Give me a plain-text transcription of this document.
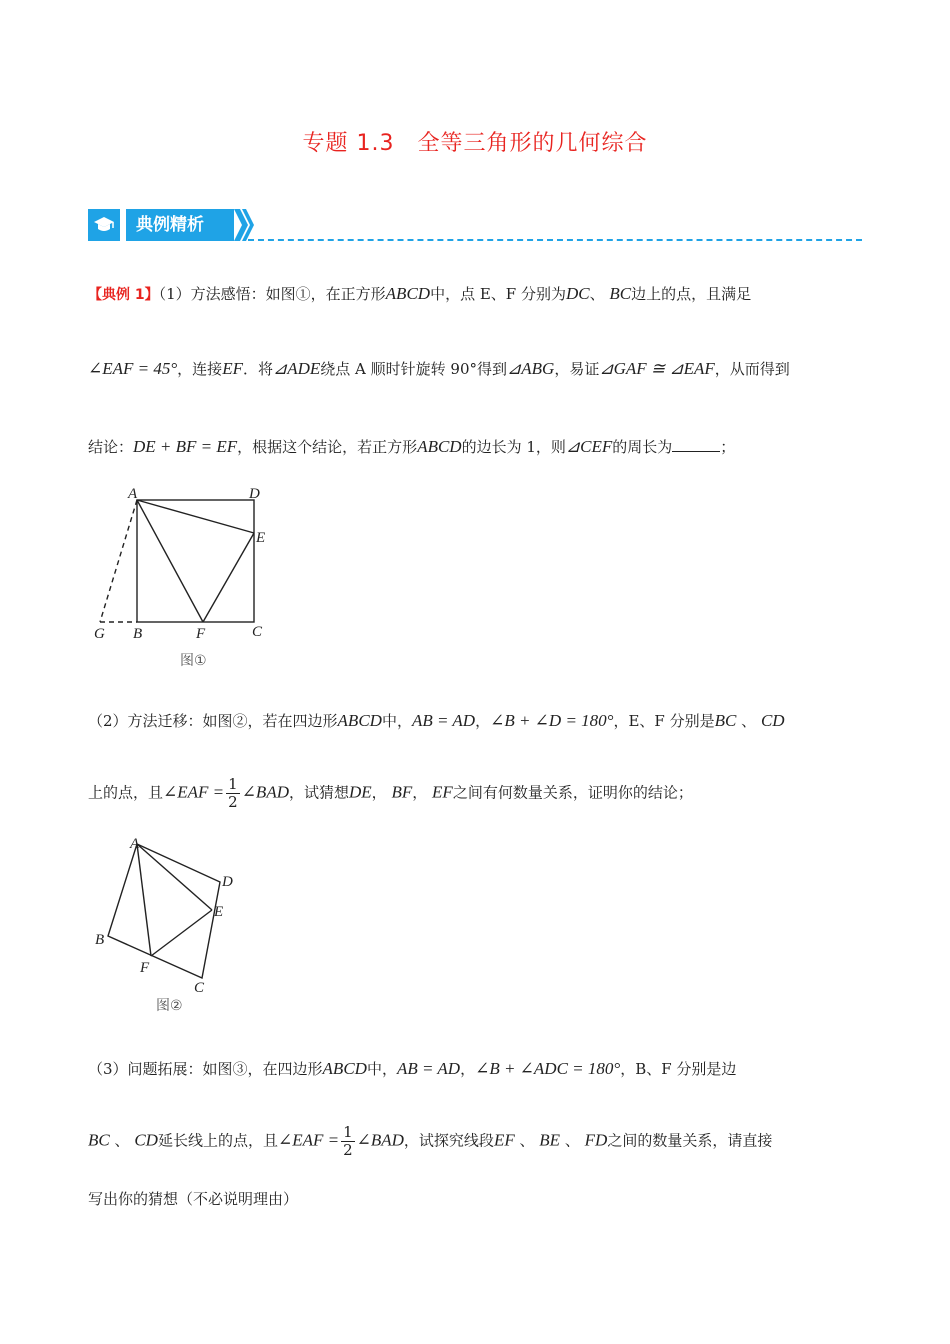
专题 1.3　全等三角形的几何综合
典例精析
【典例 1】（1）方法感悟：如图①，在正方形ABCD中，点 E、F 分别为DC、 BC边上的点，且满足
∠EAF = 45°，连接EF．将⊿ADE绕点 A 顺时针旋转 90°得到⊿ABG，易证⊿GAF ≅ ⊿EAF，从而得到
结论：DE + BF = EF，根据这个结论，若正方形ABCD的边长为 1，则⊿CEF的周长为	；
A	D
E
G B	F	C
图①
（2）方法迁移：如图②，若在四边形ABCD中，AB = AD，∠B + ∠D = 180°，E、F 分别是BC 、 CD
上的点，且∠EAF = $\frac{1}{2}$ ∠BAD，试猜想DE， BF， EF之间有何数量关系，证明你的结论；
A
D
E
B
F
C
图②
（3）问题拓展：如图③，在四边形ABCD中，AB = AD，∠B + ∠ADC = 180°，B、F 分别是边
BC 、 CD延长线上的点，且∠EAF = $\frac{1}{2}$ ∠BAD，试探究线段EF 、 BE 、 FD之间的数量关系，请直接
写出你的猜想（不必说明理由）
